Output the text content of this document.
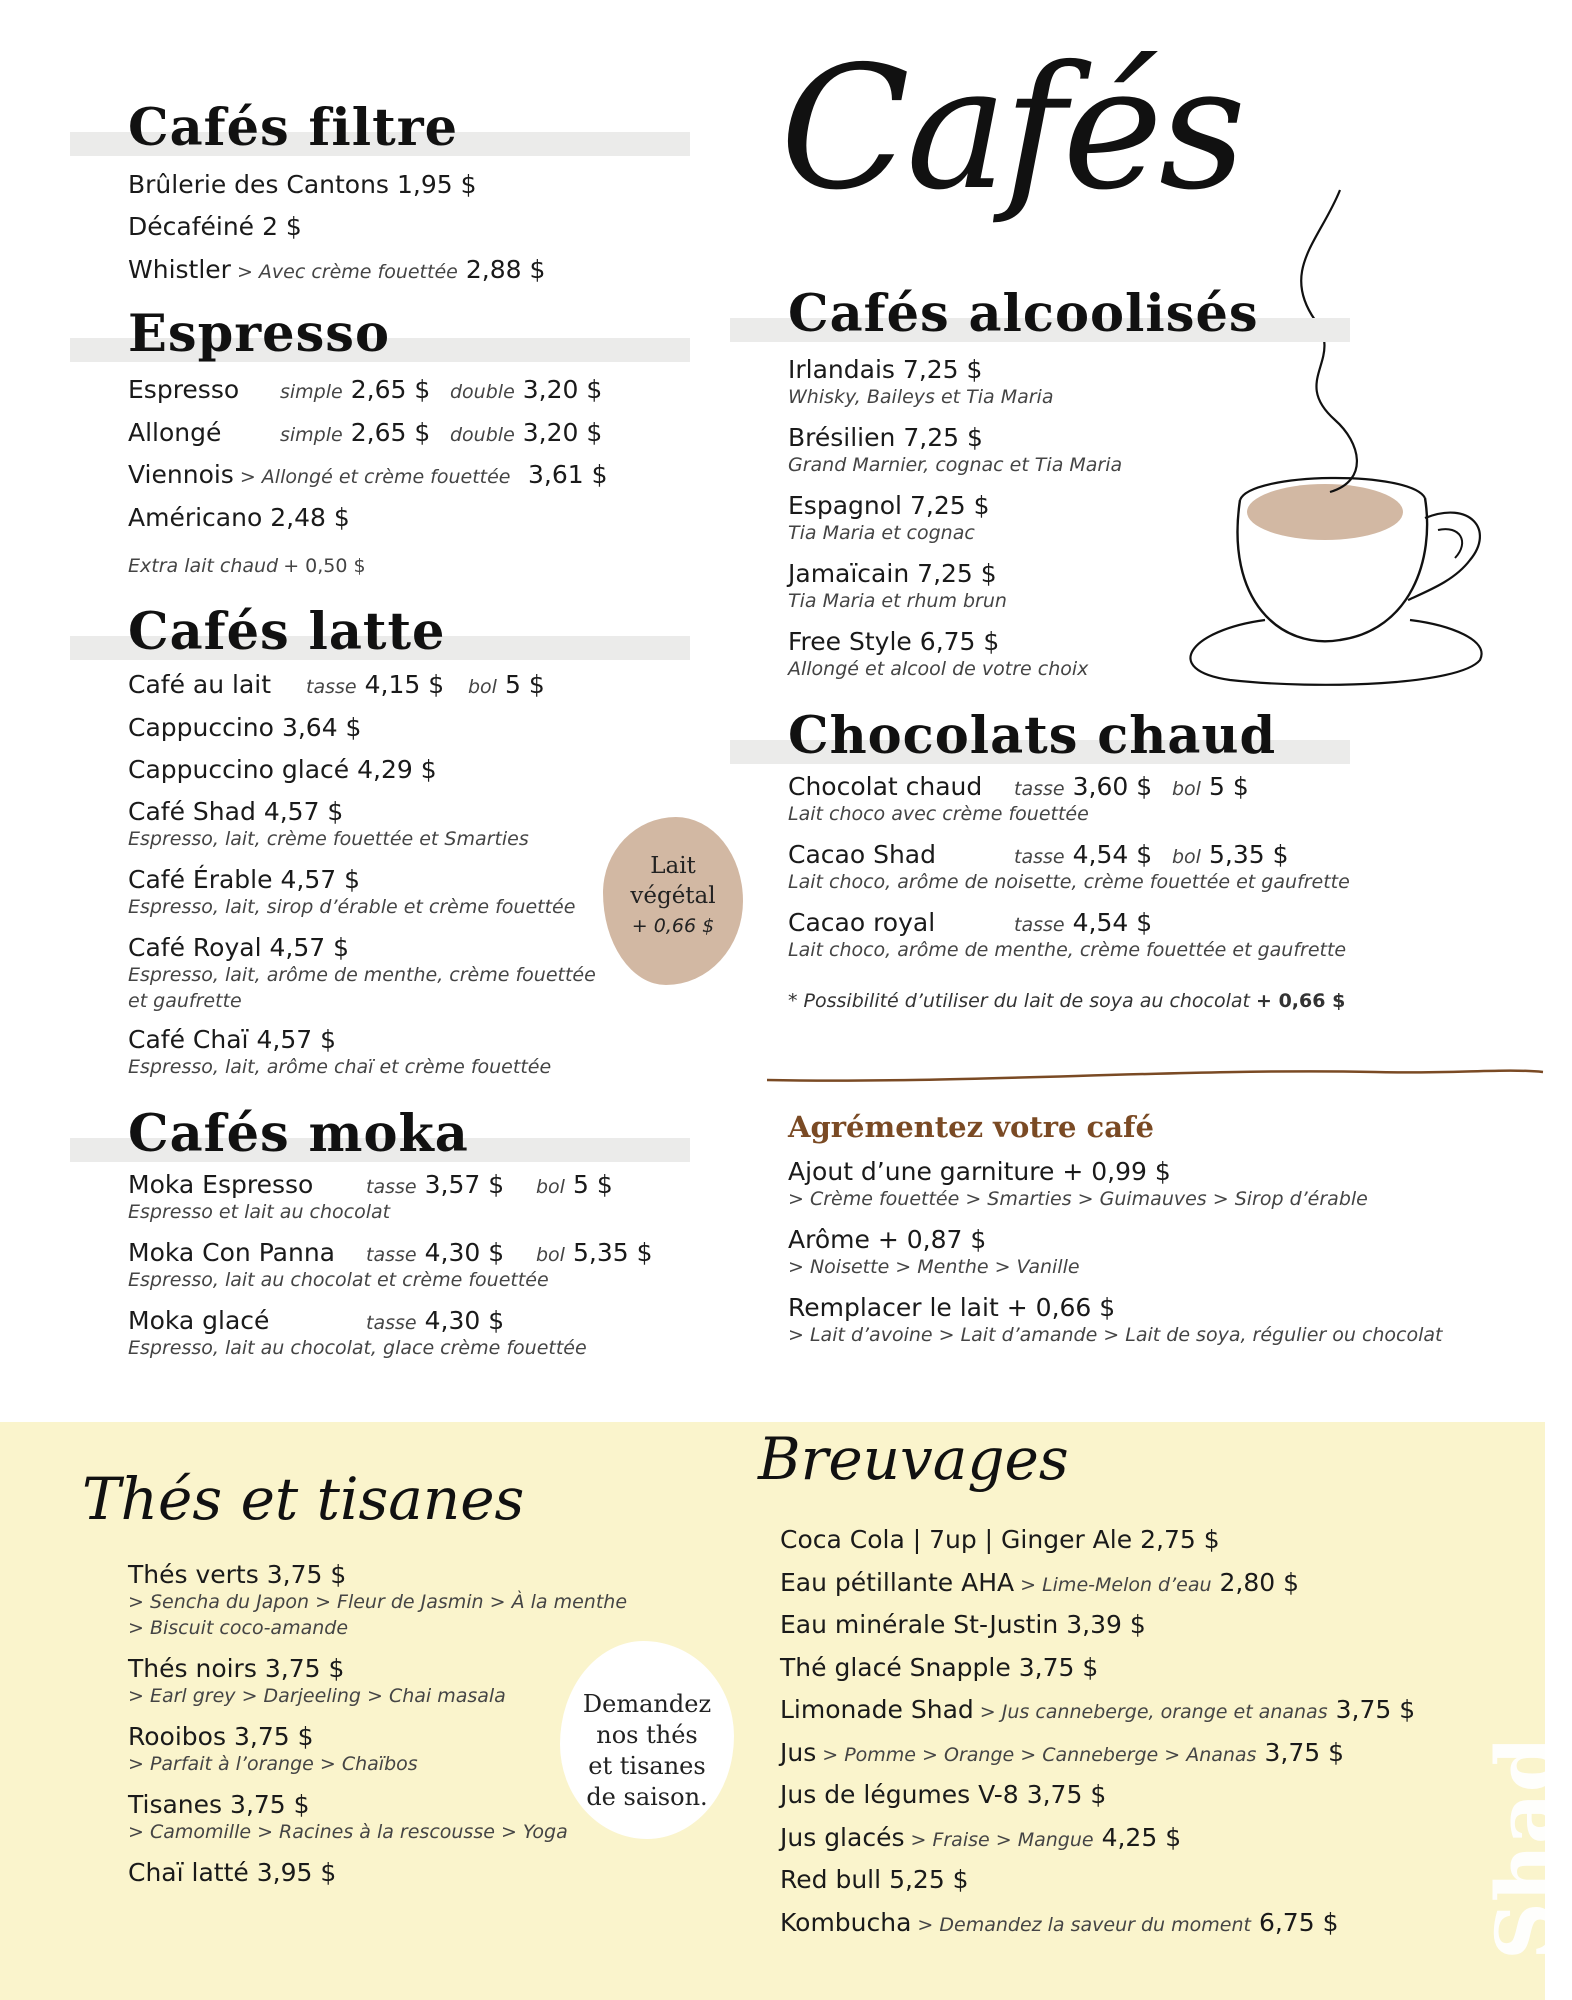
Cafés
Cafés filtre
Brûlerie des Cantons 1,95 $
Décaféiné 2 $
Whistler > Avec crème fouettée 2,88 $
Espresso
Espresso simple 2,65 $ double 3,20 $
Allongé	simple 2,65 $ double 3,20 $
Viennois > Allongé et crème fouettée 3,61 $
Américano 2,48 $
Extra lait chaud + 0,50 $
Cafés latte
Café au lait tasse 4,15 $ bol 5 $
Cappuccino 3,64 $
Cappuccino glacé 4,29 $
Café Shad 4,57 $
Espresso, lait, crème fouettée et Smarties
Café Érable 4,57 $
Espresso, lait, sirop d’érable et crème fouettée
Café Royal 4,57 $
Espresso, lait, arôme de menthe, crème fouettée
et gaufrette
Café Chaï 4,57 $
Espresso, lait, arôme chaï et crème fouettée
Lait
végétal
+ 0,66 $
Cafés moka
Moka Espresso	tasse 3,57 $ bol 5 $
Espresso et lait au chocolat
Moka Con Panna tasse 4,30 $ bol 5,35 $
Espresso, lait au chocolat et crème fouettée
Moka glacé	tasse 4,30 $
Espresso, lait au chocolat, glace crème fouettée
Cafés alcoolisés
Irlandais 7,25 $
Whisky, Baileys et Tia Maria
Brésilien 7,25 $
Grand Marnier, cognac et Tia Maria
Espagnol 7,25 $
Tia Maria et cognac
Jamaïcain 7,25 $
Tia Maria et rhum brun
Free Style 6,75 $
Allongé et alcool de votre choix
Chocolats chaud
Chocolat chaud tasse 3,60 $ bol 5 $
Lait choco avec crème fouettée
Cacao Shad	tasse 4,54 $ bol 5,35 $
Lait choco, arôme de noisette, crème fouettée et gaufrette
Cacao royal	tasse 4,54 $
Lait choco, arôme de menthe, crème fouettée et gaufrette
* Possibilité d’utiliser du lait de soya au chocolat + 0,66 $
Agrémentez votre café
Ajout d’une garniture + 0,99 $
> Crème fouettée > Smarties > Guimauves > Sirop d’érable
Arôme + 0,87 $
> Noisette > Menthe > Vanille
Remplacer le lait + 0,66 $
> Lait d’avoine > Lait d’amande > Lait de soya, régulier ou chocolat
Thés et tisanes
Thés verts 3,75 $
> Sencha du Japon > Fleur de Jasmin > À la menthe
> Biscuit coco-amande
Thés noirs 3,75 $
> Earl grey > Darjeeling > Chai masala
Rooibos 3,75 $
> Parfait à l’orange > Chaïbos
Tisanes 3,75 $
> Camomille > Racines à la rescousse > Yoga
Chaï latté 3,95 $
Demandez
nos thés
et tisanes
de saison.
Breuvages
Coca Cola | 7up | Ginger Ale 2,75 $
Eau pétillante AHA > Lime-Melon d’eau 2,80 $
Eau minérale St-Justin 3,39 $
Thé glacé Snapple 3,75 $
Limonade Shad > Jus canneberge, orange et ananas 3,75 $
Jus > Pomme > Orange > Canneberge > Ananas 3,75 $
Jus de légumes V-8 3,75 $
Jus glacés > Fraise > Mangue 4,25 $
Red bull 5,25 $
Kombucha > Demandez la saveur du moment 6,75 $ Shad
